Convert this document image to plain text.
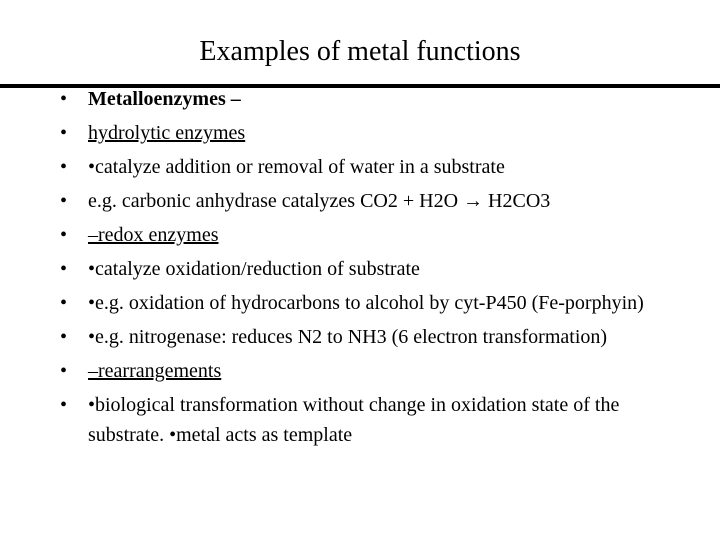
Examples of metal functions
• Metalloenzymes –
• hydrolytic enzymes
• •catalyze addition or removal of water in a substrate
• e.g. carbonic anhydrase catalyzes CO2 + H2O → H2CO3
• –redox enzymes
• •catalyze oxidation/reduction of substrate
• •e.g. oxidation of hydrocarbons to alcohol by cyt-P450 (Fe-porphyin)
• •e.g. nitrogenase: reduces N2 to NH3 (6 electron transformation)
• –rearrangements
• •biological transformation without change in oxidation state of the substrate. •metal acts as template
